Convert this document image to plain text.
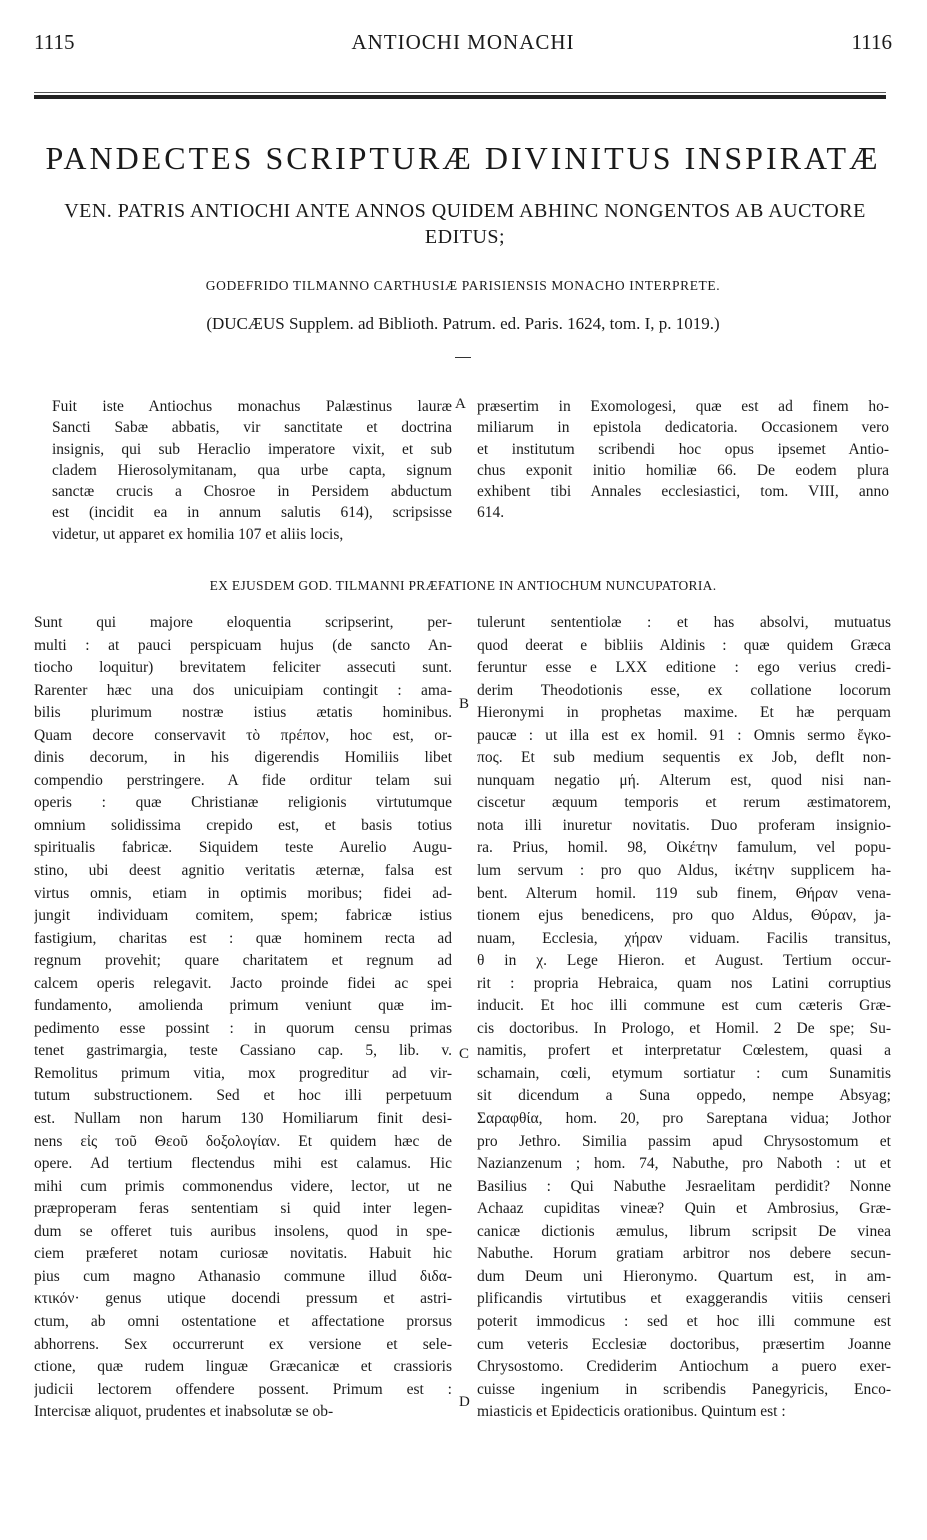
1115	ANTIOCHI MONACHI	1116
PANDECTES SCRIPTURÆ DIVINITUS INSPIRATÆ
VEN. PATRIS ANTIOCHI ANTE ANNOS QUIDEM ABHINC NONGENTOS AB AUCTORE EDITUS;
GODEFRIDO TILMANNO CARTHUSIÆ PARISIENSIS MONACHO INTERPRETE.
(DUCÆUS Supplem. ad Biblioth. Patrum. ed. Paris. 1624, tom. I, p. 1019.)
Fuit iste Antiochus monachus Palæstinus lauræ
Sancti Sabæ abbatis, vir sanctitate et doctrina
insignis, qui sub Heraclio imperatore vixit, et sub
cladem Hierosolymitanam, qua urbe capta, signum
sanctæ crucis a Chosroe in Persidem abductum
est (incidit ea in annum salutis 614), scripsisse
videtur, ut apparet ex homilia 107 et aliis locis,
præsertim in Exomologesi, quæ est ad finem ho-
miliarum in epistola dedicatoria. Occasionem vero
et institutum scribendi hoc opus ipsemet Antio-
chus exponit initio homiliæ 66. De eodem plura
exhibent tibi Annales ecclesiastici, tom. VIII, anno
614.
A
EX EJUSDEM GOD. TILMANNI PRÆFATIONE IN ANTIOCHUM NUNCUPATORIA.
Sunt qui majore eloquentia scripserint, per-
multi : at pauci perspicuam hujus (de sancto An-
tiocho loquitur) brevitatem feliciter assecuti sunt.
Rarenter hæc una dos unicuipiam contingit : ama-
bilis plurimum nostræ istius ætatis hominibus.
Quam decore conservavit τὸ πρέπον, hoc est, or-
dinis decorum, in his digerendis Homiliis libet
compendio perstringere. A fide orditur telam sui
operis : quæ Christianæ religionis virtutumque
omnium solidissima crepido est, et basis totius
spiritualis fabricæ. Siquidem teste Aurelio Augu-
stino, ubi deest agnitio veritatis æternæ, falsa est
virtus omnis, etiam in optimis moribus; fidei ad-
jungit individuam comitem, spem; fabricæ istius
fastigium, charitas est : quæ hominem recta ad
regnum provehit; quare charitatem et regnum ad
calcem operis relegavit. Jacto proinde fidei ac spei
fundamento, amolienda primum veniunt quæ im-
pedimento esse possint : in quorum censu primas
tenet gastrimargia, teste Cassiano cap. 5, lib. v.
Remolitus primum vitia, mox progreditur ad vir-
tutum substructionem. Sed et hoc illi perpetuum
est. Nullam non harum 130 Homiliarum finit desi-
nens εἰς τοῦ Θεοῦ δοξολογίαν. Et quidem hæc de
opere. Ad tertium flectendus mihi est calamus. Hic
mihi cum primis commonendus videre, lector, ut ne
præproperam feras sententiam si quid inter legen-
dum se offeret tuis auribus insolens, quod in spe-
ciem præferet notam curiosæ novitatis. Habuit hic
pius cum magno Athanasio commune illud διδα-
κτικόν· genus utique docendi pressum et astri-
ctum, ab omni ostentatione et affectatione prorsus
abhorrens. Sex occurrerunt ex versione et sele-
ctione, quæ rudem linguæ Græcanicæ et crassioris
judicii lectorem offendere possent. Primum est :
Intercisæ aliquot, prudentes et inabsolutæ se ob-
tulerunt sententiolæ : et has absolvi, mutuatus
quod deerat e bibliis Aldinis : quæ quidem Græca
feruntur esse e LXX editione : ego verius credi-
derim Theodotionis esse, ex collatione locorum
Hieronymi in prophetas maxime. Et hæ perquam
paucæ : ut illa est ex homil. 91 : Omnis sermo ἔγκο-
πος. Et sub medium sequentis ex Job, deflt non-
nunquam negatio μή. Alterum est, quod nisi nan-
ciscetur æquum temporis et rerum æstimatorem,
nota illi inuretur novitatis. Duo proferam insignio-
ra. Prius, homil. 98, Οἰκέτην famulum, vel popu-
lum servum : pro quo Aldus, ἱκέτην supplicem ha-
bent. Alterum homil. 119 sub finem, Θήραν vena-
tionem ejus benedicens, pro quo Aldus, Θύραν, ja-
nuam, Ecclesia, χήραν viduam. Facilis transitus,
θ in χ. Lege Hieron. et August. Tertium occur-
rit : propria Hebraica, quam nos Latini corruptius
inducit. Et hoc illi commune est cum cæteris Græ-
cis doctoribus. In Prologo, et Homil. 2 De spe; Su-
namitis, profert et interpretatur Cœlestem, quasi a
schamain, cœli, etymum sortiatur : cum Sunamitis
sit dicendum a Suna oppedo, nempe Absyag;
Σαραφθία, hom. 20, pro Sareptana vidua; Jothor
pro Jethro. Similia passim apud Chrysostomum et
Nazianzenum ; hom. 74, Nabuthe, pro Naboth : ut et
Basilius : Qui Nabuthe Jesraelitam perdidit? Nonne
Achaaz cupiditas vineæ? Quin et Ambrosius, Græ-
canicæ dictionis æmulus, librum scripsit De vinea
Nabuthe. Horum gratiam arbitror nos debere secun-
dum Deum uni Hieronymo. Quartum est, in am-
plificandis virtutibus et exaggerandis vitiis censeri
poterit immodicus : sed et hoc illi commune est
cum veteris Ecclesiæ doctoribus, præsertim Joanne
Chrysostomo. Crediderim Antiochum a puero exer-
cuisse ingenium in scribendis Panegyricis, Enco-
miasticis et Epidecticis orationibus. Quintum est :
B
C
D
